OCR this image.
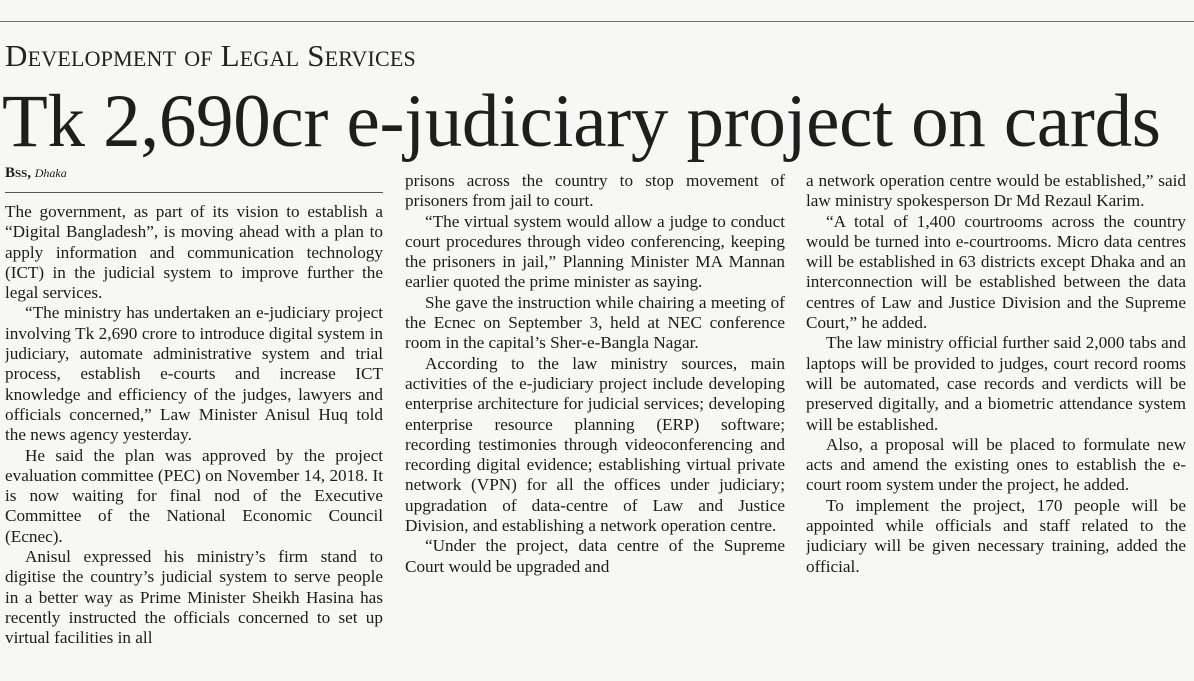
Development of Legal Services
Tk 2,690cr e-judiciary project on cards
Bss, Dhaka

The government, as part of its vision to establish a “Digital Bangladesh”, is moving ahead with a plan to apply information and communication technology (ICT) in the judicial system to improve further the legal services.

“The ministry has undertaken an e-judiciary project involving Tk 2,690 crore to introduce digital system in judiciary, automate administrative system and trial process, establish e-courts and increase ICT knowledge and efficiency of the judges, lawyers and officials concerned,” Law Minister Anisul Huq told the news agency yesterday.

He said the plan was approved by the project evaluation committee (PEC) on November 14, 2018. It is now waiting for final nod of the Executive Committee of the National Economic Council (Ecnec).

Anisul expressed his ministry’s firm stand to digitise the country’s judicial system to serve people in a better way as Prime Minister Sheikh Hasina has recently instructed the officials concerned to set up virtual facilities in all

prisons across the country to stop movement of prisoners from jail to court.

“The virtual system would allow a judge to conduct court procedures through video conferencing, keeping the prisoners in jail,” Planning Minister MA Mannan earlier quoted the prime minister as saying.

She gave the instruction while chairing a meeting of the Ecnec on September 3, held at NEC conference room in the capital’s Sher-e-Bangla Nagar.

According to the law ministry sources, main activities of the e-judiciary project include developing enterprise architecture for judicial services; developing enterprise resource planning (ERP) software; recording testimonies through videoconferencing and recording digital evidence; establishing virtual private network (VPN) for all the offices under judiciary; upgradation of data-centre of Law and Justice Division, and establishing a network operation centre.

“Under the project, data centre of the Supreme Court would be upgraded and

a network operation centre would be established,” said law ministry spokesperson Dr Md Rezaul Karim.

“A total of 1,400 courtrooms across the country would be turned into e-courtrooms. Micro data centres will be established in 63 districts except Dhaka and an interconnection will be established between the data centres of Law and Justice Division and the Supreme Court,” he added.

The law ministry official further said 2,000 tabs and laptops will be provided to judges, court record rooms will be automated, case records and verdicts will be preserved digitally, and a biometric attendance system will be established.

Also, a proposal will be placed to formulate new acts and amend the existing ones to establish the e-court room system under the project, he added.

To implement the project, 170 people will be appointed while officials and staff related to the judiciary will be given necessary training, added the official.
